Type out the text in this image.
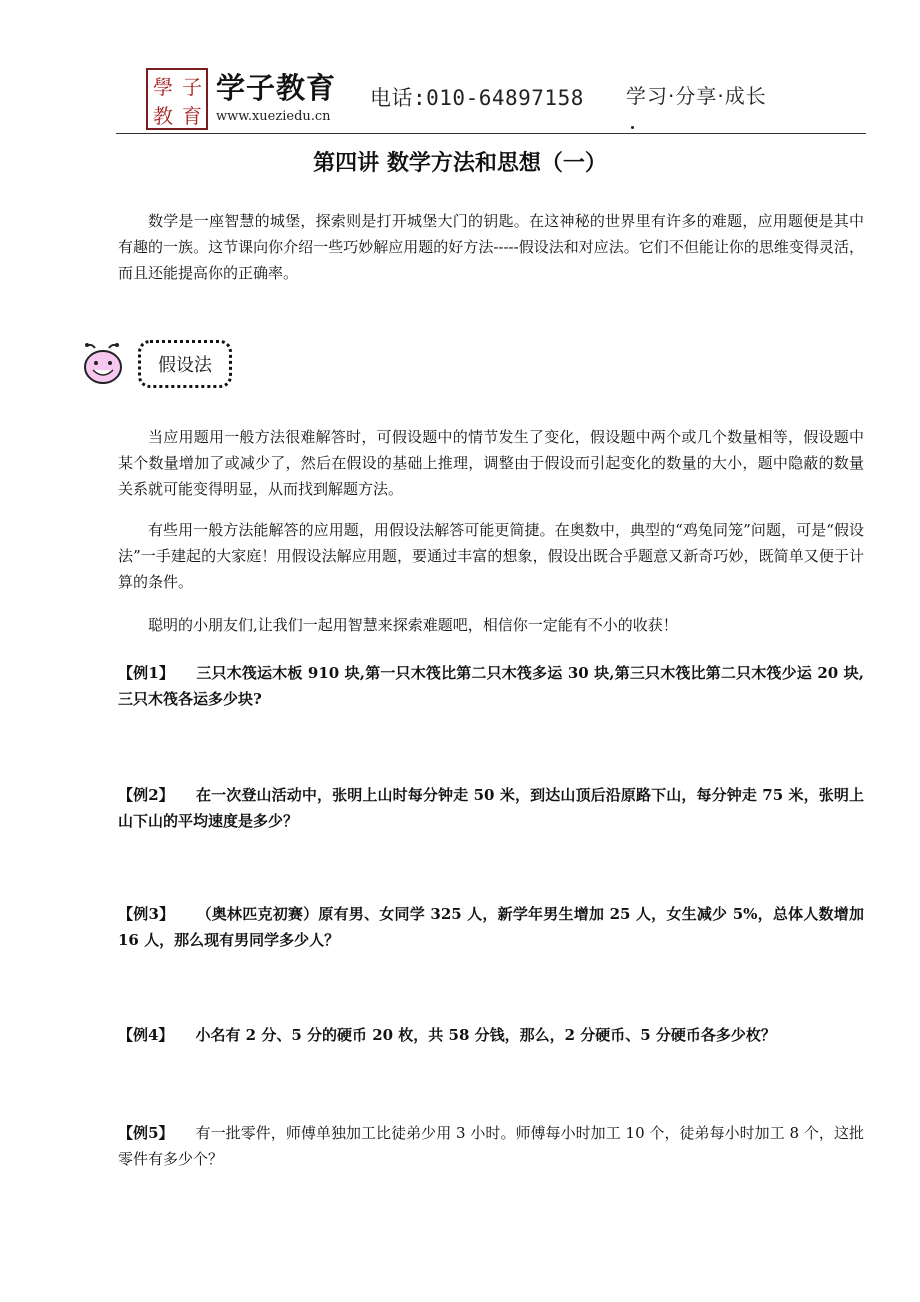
學 子
教 育
学子教育
www.xueziedu.cn
电话:010-64897158 学习·分享·成长
第四讲 数学方法和思想（一）
数学是一座智慧的城堡，探索则是打开城堡大门的钥匙。在这神秘的世界里有许多的难题，应用题便是其中有趣的一族。这节课向你介绍一些巧妙解应用题的好方法-----假设法和对应法。它们不但能让你的思维变得灵活，而且还能提高你的正确率。
假设法
当应用题用一般方法很难解答时，可假设题中的情节发生了变化，假设题中两个或几个数量相等，假设题中某个数量增加了或减少了，然后在假设的基础上推理，调整由于假设而引起变化的数量的大小，题中隐蔽的数量关系就可能变得明显，从而找到解题方法。
有些用一般方法能解答的应用题，用假设法解答可能更简捷。在奥数中，典型的“鸡兔同笼”问题，可是“假设法”一手建起的大家庭！用假设法解应用题，要通过丰富的想象，假设出既合乎题意又新奇巧妙，既简单又便于计算的条件。
聪明的小朋友们,让我们一起用智慧来探索难题吧，相信你一定能有不小的收获！
【例1】 三只木筏运木板 910 块,第一只木筏比第二只木筏多运 30 块,第三只木筏比第二只木筏少运 20 块,三只木筏各运多少块?
【例2】 在一次登山活动中，张明上山时每分钟走 50 米，到达山顶后沿原路下山，每分钟走 75 米，张明上山下山的平均速度是多少？
【例3】 （奥林匹克初赛）原有男、女同学 325 人，新学年男生增加 25 人，女生减少 5%，总体人数增加 16 人，那么现有男同学多少人？
【例4】 小名有 2 分、5 分的硬币 20 枚，共 58 分钱，那么，2 分硬币、5 分硬币各多少枚？
【例5】 有一批零件，师傅单独加工比徒弟少用 3 小时。师傅每小时加工 10 个，徒弟每小时加工 8 个，这批零件有多少个？
